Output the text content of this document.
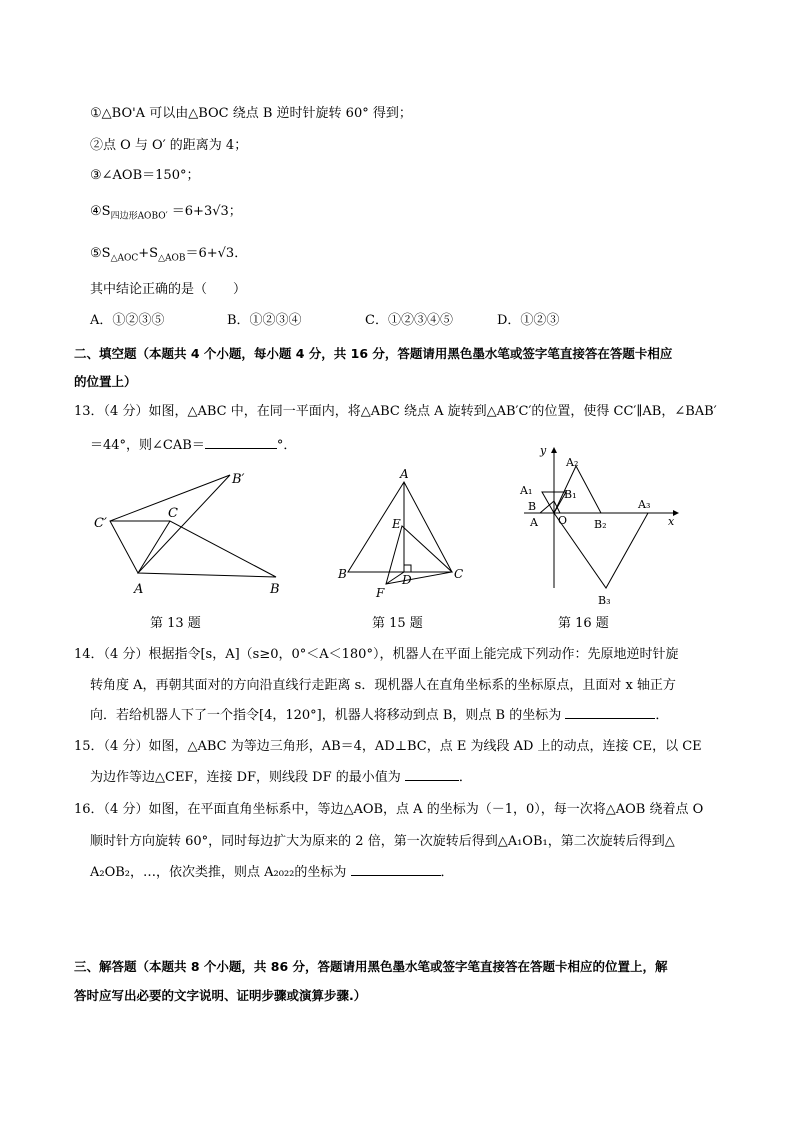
①△BO'A 可以由△BOC 绕点 B 逆时针旋转 60° 得到；
②点 O 与 O′ 的距离为 4；
③∠AOB＝150°；
$④S_{四边形AOBO'} =6+3√3$；
$⑤S_{\triangle AOC}+S_{\triangle AOB}=6+√3$．
其中结论正确的是（　　）
A．①②③⑤	B．①②③④	C．①②③④⑤	D．①②③
二、填空题（本题共 4 个小题，每小题 4 分，共 16 分，答题请用黑色墨水笔或签字笔直接答在答题卡相应
的位置上）
13．（4 分）如图，△ABC 中，在同一平面内，将△ABC 绕点 A 旋转到△AB′C′的位置，使得 CC′∥AB，∠BAB′
＝44°，则∠CAB＝	°．
C′
C
B′
A	B
第 13 题
A
E
B	C
D
F
第 15 题
y
x
A₂
A₁	B₁
B
A O B₂
A₃
B₃
第 16 题
14．（4 分）根据指令[s，A]（s≥0，0°＜A＜180°），机器人在平面上能完成下列动作：先原地逆时针旋
转角度 A，再朝其面对的方向沿直线行走距离 s．现机器人在直角坐标系的坐标原点，且面对 x 轴正方
向．若给机器人下了一个指令[4，120°]，机器人将移动到点 B，则点 B 的坐标为	．
15．（4 分）如图，△ABC 为等边三角形，AB＝4，AD⊥BC，点 E 为线段 AD 上的动点，连接 CE，以 CE
为边作等边△CEF，连接 DF，则线段 DF 的最小值为	．
16．（4 分）如图，在平面直角坐标系中，等边△AOB，点 A 的坐标为（－1，0），每一次将△AOB 绕着点 O
顺时针方向旋转 60°，同时每边扩大为原来的 2 倍，第一次旋转后得到△A₁OB₁，第二次旋转后得到△
A₂OB₂，…，依次类推，则点 A₂₀₂₂的坐标为	．
三、解答题（本题共 8 个小题，共 86 分，答题请用黑色墨水笔或签字笔直接答在答题卡相应的位置上，解
答时应写出必要的文字说明、证明步骤或演算步骤.）
